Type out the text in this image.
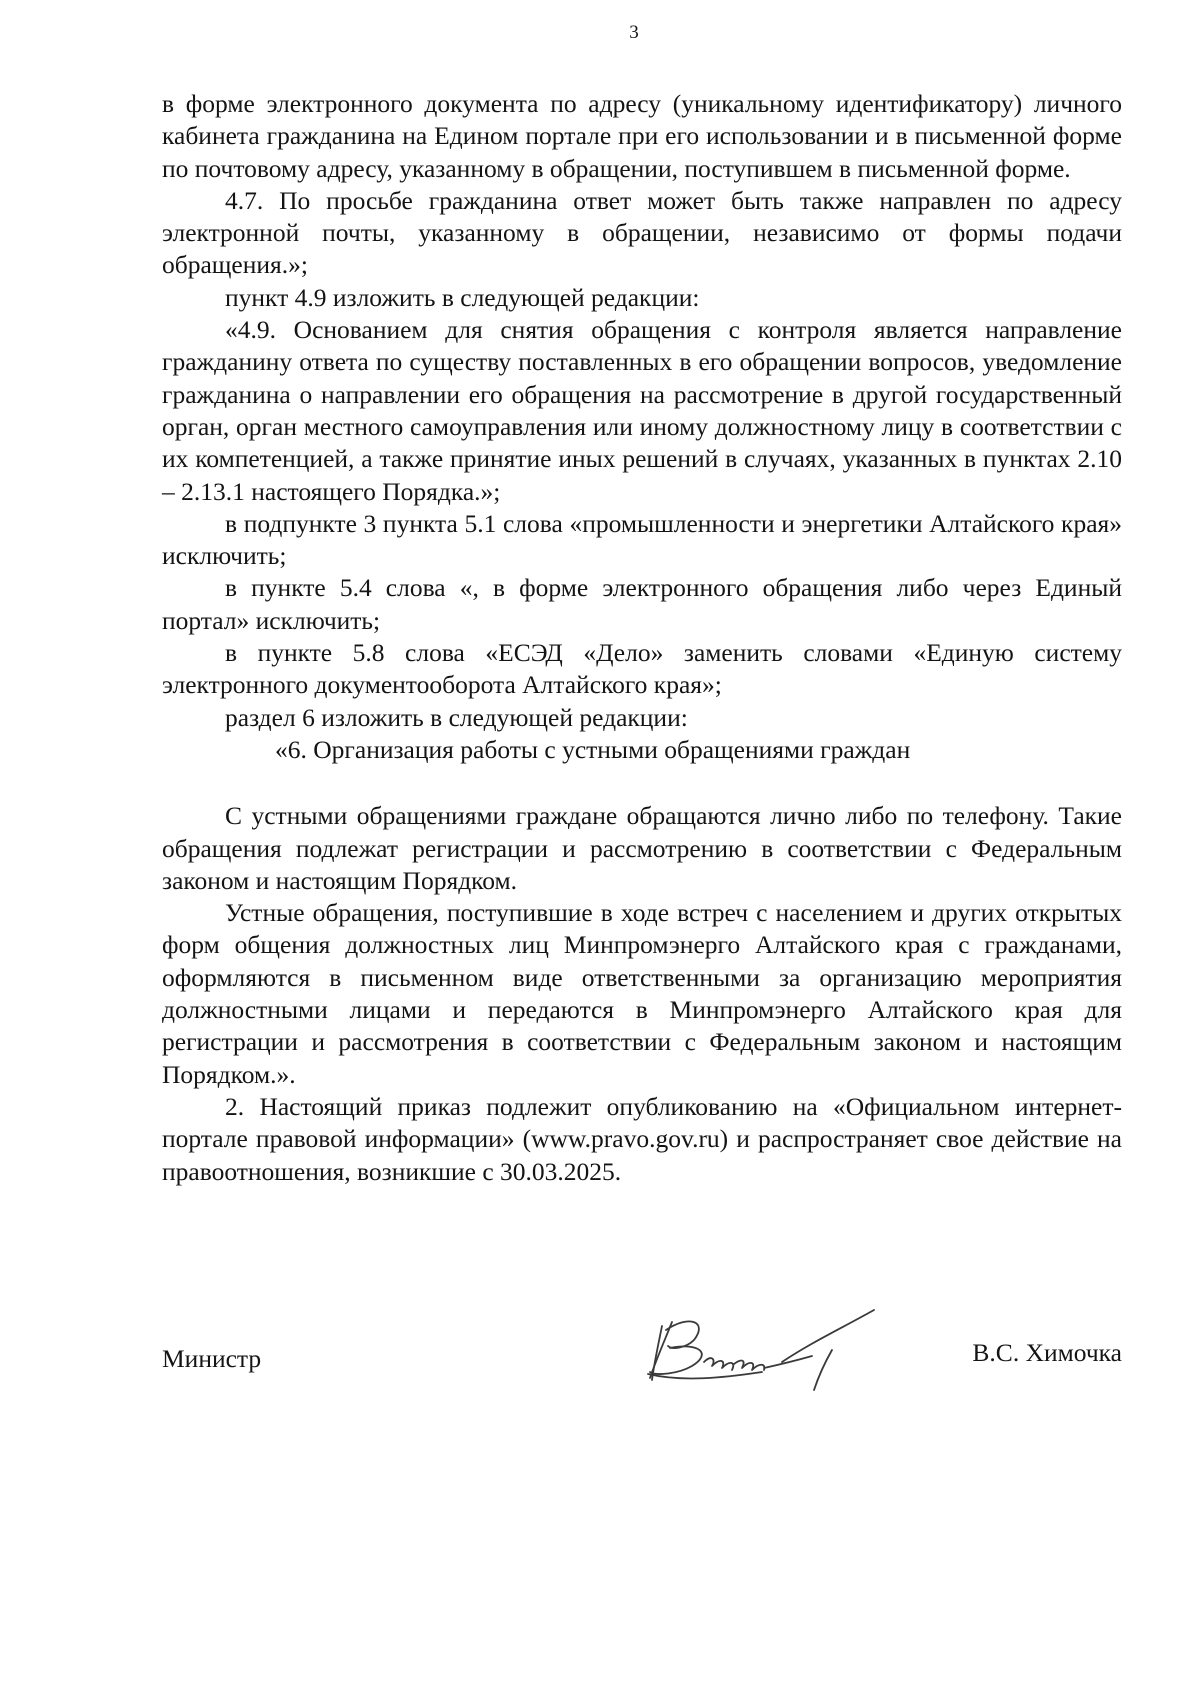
3

в форме электронного документа по адресу (уникальному идентификатору) личного кабинета гражданина на Едином портале при его использовании и в письменной форме по почтовому адресу, указанному в обращении, поступившем в письменной форме.

4.7. По просьбе гражданина ответ может быть также направлен по адресу электронной почты, указанному в обращении, независимо от формы подачи обращения.»;

пункт 4.9 изложить в следующей редакции:

«4.9. Основанием для снятия обращения с контроля является направление гражданину ответа по существу поставленных в его обращении вопросов, уведомление гражданина о направлении его обращения на рассмотрение в другой государственный орган, орган местного самоуправления или иному должностному лицу в соответствии с их компетенцией, а также принятие иных решений в случаях, указанных в пунктах 2.10 – 2.13.1 настоящего Порядка.»;

в подпункте 3 пункта 5.1 слова «промышленности и энергетики Алтайского края» исключить;

в пункте 5.4 слова «, в форме электронного обращения либо через Единый портал» исключить;

в пункте 5.8 слова «ЕСЭД «Дело» заменить словами «Единую систему электронного документооборота Алтайского края»;

раздел 6 изложить в следующей редакции:

«6. Организация работы с устными обращениями граждан

С устными обращениями граждане обращаются лично либо по телефону. Такие обращения подлежат регистрации и рассмотрению в соответствии с Федеральным законом и настоящим Порядком.

Устные обращения, поступившие в ходе встреч с населением и других открытых форм общения должностных лиц Минпромэнерго Алтайского края с гражданами, оформляются в письменном виде ответственными за организацию мероприятия должностными лицами и передаются в Минпромэнерго Алтайского края для регистрации и рассмотрения в соответствии с Федеральным законом и настоящим Порядком.».

2. Настоящий приказ подлежит опубликованию на «Официальном интернет-портале правовой информации» (www.pravo.gov.ru) и распространяет свое действие на правоотношения, возникшие с 30.03.2025.

Министр	В.С. Химочка
